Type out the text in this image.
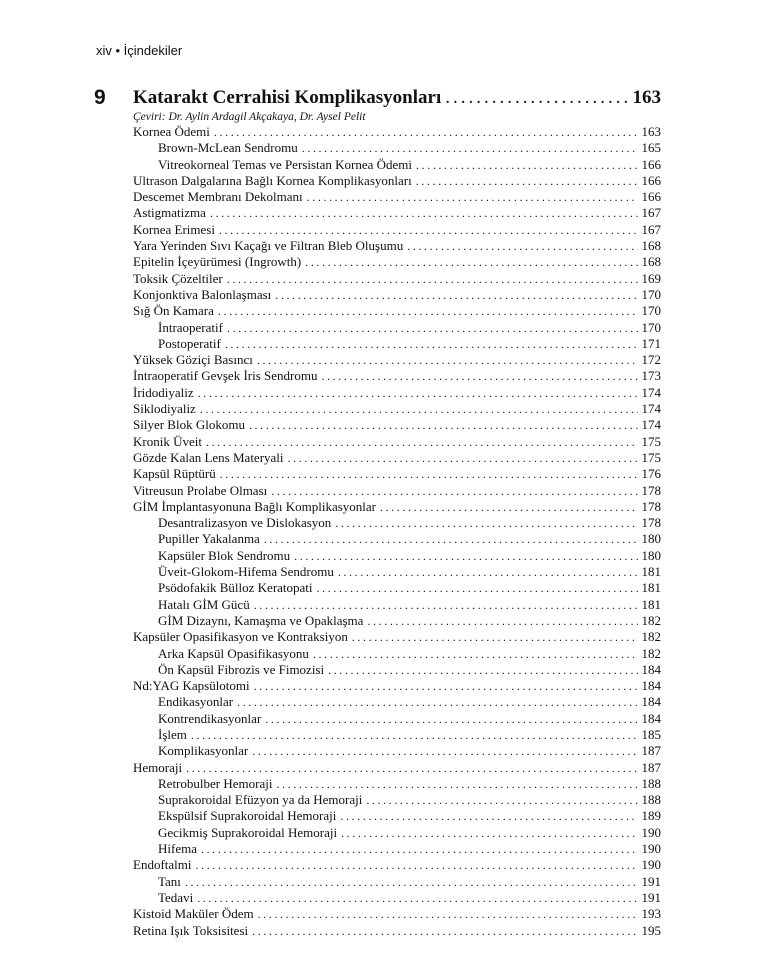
xiv • İçindekiler
9 Katarakt Cerrahisi Komplikasyonları .....	163
Çeviri: Dr. Aylin Ardagil Akçakaya, Dr. Aysel Pelit
Kornea Ödemi .....	163
Brown-McLean Sendromu .....	165
Vitreokorneal Temas ve Persistan Kornea Ödemi .....	166
Ultrason Dalgalarına Bağlı Kornea Komplikasyonları .....	166
Descemet Membranı Dekolmanı .....	166
Astigmatizma .....	167
Kornea Erimesi .....	167
Yara Yerinden Sıvı Kaçağı ve Filtran Bleb Oluşumu .....	168
Epitelin İçeyürümesi (Ingrowth) .....	168
Toksik Çözeltiler .....	169
Konjonktiva Balonlaşması .....	170
Sığ Ön Kamara .....	170
İntraoperatif .....	170
Postoperatif .....	171
Yüksek Göziçi Basıncı .....	172
İntraoperatif Gevşek İris Sendromu .....	173
İridodiyaliz .....	174
Siklodiyaliz .....	174
Silyer Blok Glokomu .....	174
Kronik Üveit .....	175
Gözde Kalan Lens Materyali .....	175
Kapsül Rüptürü .....	176
Vitreusun Prolabe Olması .....	178
GİM İmplantasyonuna Bağlı Komplikasyonlar .....	178
Desantralizasyon ve Dislokasyon .....	178
Pupiller Yakalanma .....	180
Kapsüler Blok Sendromu .....	180
Üveit-Glokom-Hifema Sendromu .....	181
Psödofakik Bülloz Keratopati .....	181
Hatalı GİM Gücü .....	181
GİM Dizaynı, Kamaşma ve Opaklaşma .....	182
Kapsüler Opasifikasyon ve Kontraksiyon .....	182
Arka Kapsül Opasifikasyonu .....	182
Ön Kapsül Fibrozis ve Fimozisi .....	184
Nd:YAG Kapsülotomi .....	184
Endikasyonlar .....	184
Kontrendikasyonlar .....	184
İşlem .....	185
Komplikasyonlar .....	187
Hemoraji .....	187
Retrobulber Hemoraji .....	188
Suprakoroidal Efüzyon ya da Hemoraji .....	188
Ekspülsif Suprakoroidal Hemoraji .....	189
Gecikmiş Suprakoroidal Hemoraji .....	190
Hifema .....	190
Endoftalmi .....	190
Tanı .....	191
Tedavi .....	191
Kistoid Maküler Ödem .....	193
Retina Işık Toksisitesi .....	195
